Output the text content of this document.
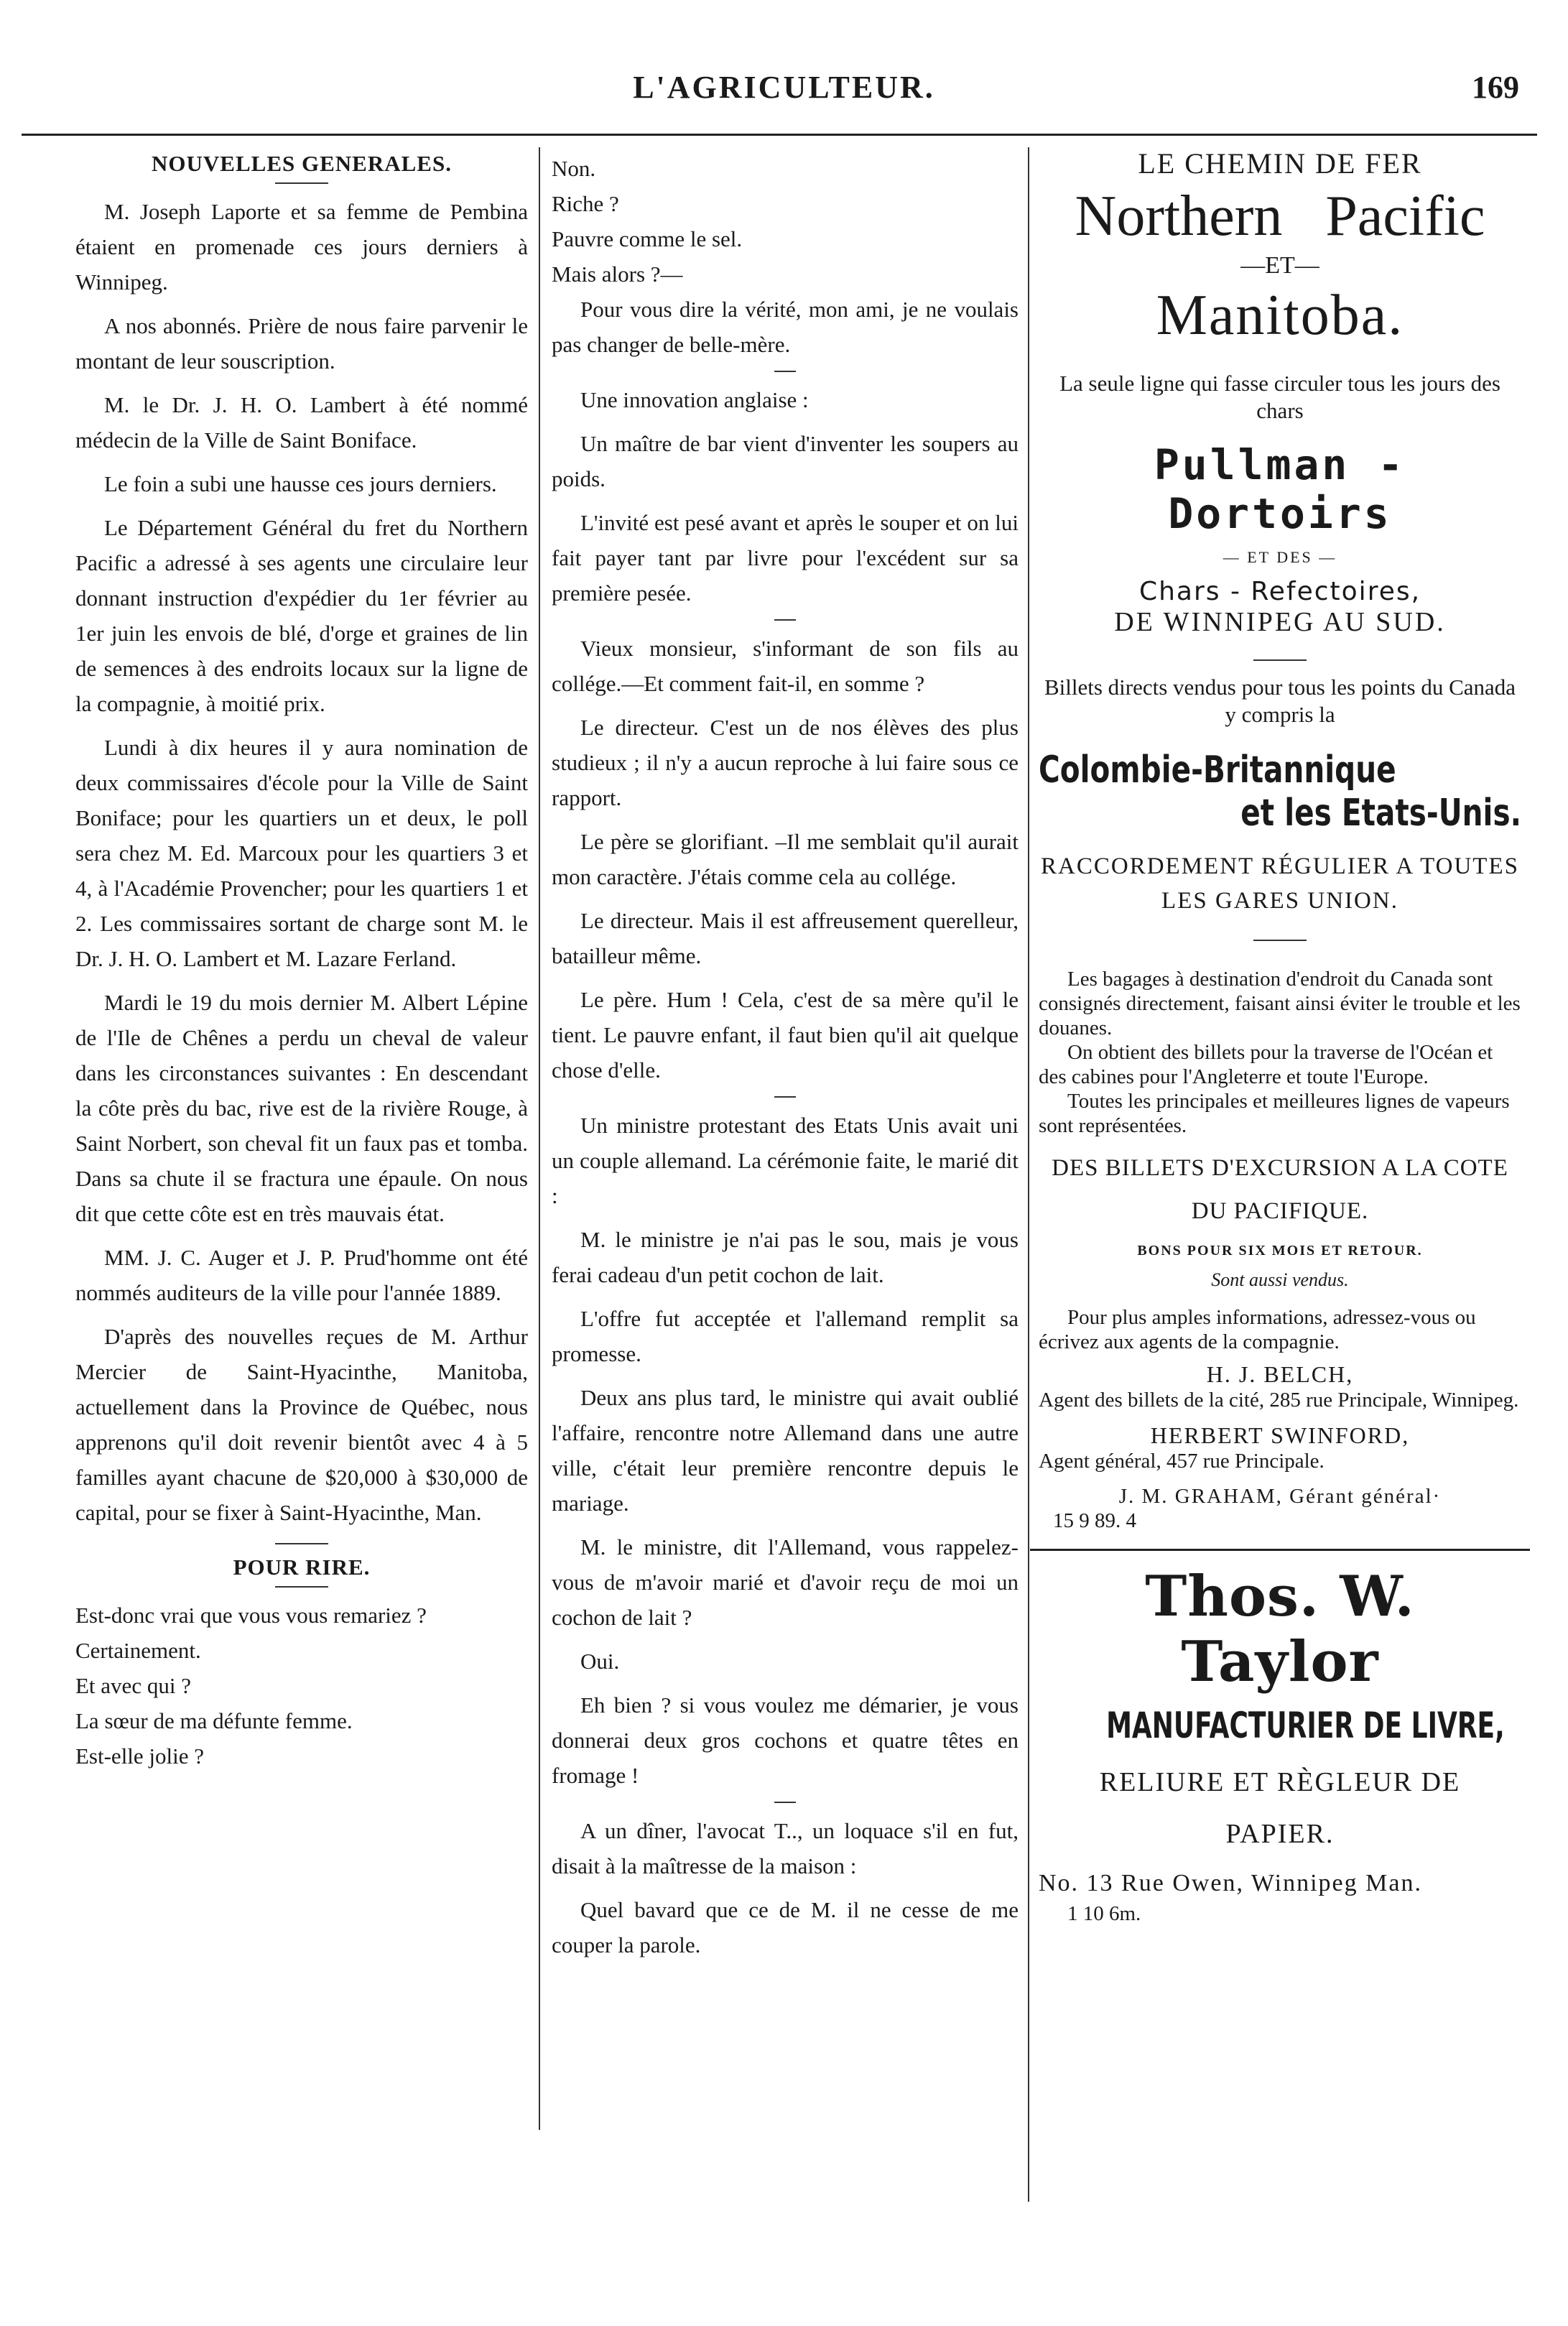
L'AGRICULTEUR.	169
NOUVELLES GENERALES.

M. Joseph Laporte et sa femme de Pembina étaient en promenade ces jours derniers à Winnipeg.

A nos abonnés. Prière de nous faire parvenir le montant de leur souscription.

M. le Dr. J. H. O. Lambert à été nommé médecin de la Ville de Saint Boniface.

Le foin a subi une hausse ces jours derniers.

Le Département Général du fret du Northern Pacific a adressé à ses agents une circulaire leur donnant instruction d'expédier du 1er février au 1er juin les envois de blé, d'orge et graines de lin de semences à des endroits locaux sur la ligne de la compagnie, à moitié prix.

Lundi à dix heures il y aura nomination de deux commissaires d'école pour la Ville de Saint Boniface; pour les quartiers un et deux, le poll sera chez M. Ed. Marcoux pour les quartiers 3 et 4, à l'Académie Provencher; pour les quartiers 1 et 2. Les commissaires sortant de charge sont M. le Dr. J. H. O. Lambert et M. Lazare Ferland.

Mardi le 19 du mois dernier M. Albert Lépine de l'Ile de Chênes a perdu un cheval de valeur dans les circonstances suivantes : En descendant la côte près du bac, rive est de la rivière Rouge, à Saint Norbert, son cheval fit un faux pas et tomba. Dans sa chute il se fractura une épaule. On nous dit que cette côte est en très mauvais état.

MM. J. C. Auger et J. P. Prud'homme ont été nommés auditeurs de la ville pour l'année 1889.

D'après des nouvelles reçues de M. Arthur Mercier de Saint-Hyacinthe, Manitoba, actuellement dans la Province de Québec, nous apprenons qu'il doit revenir bientôt avec 4 à 5 familles ayant chacune de $20,000 à $30,000 de capital, pour se fixer à Saint-Hyacinthe, Man.

POUR RIRE.

Est-donc vrai que vous vous remariez ?

Certainement.

Et avec qui ?

La sœur de ma défunte femme.

Est-elle jolie ?

Non.

Riche ?

Pauvre comme le sel.

Mais alors ?—

Pour vous dire la vérité, mon ami, je ne voulais pas changer de belle-mère.

Une innovation anglaise :

Un maître de bar vient d'inventer les soupers au poids.

L'invité est pesé avant et après le souper et on lui fait payer tant par livre pour l'excédent sur sa première pesée.

Vieux monsieur, s'informant de son fils au collége.—Et comment fait-il, en somme ?

Le directeur. C'est un de nos élèves des plus studieux ; il n'y a aucun reproche à lui faire sous ce rapport.

Le père se glorifiant. –Il me semblait qu'il aurait mon caractère. J'étais comme cela au collége.

Le directeur. Mais il est affreusement querelleur, batailleur même.

Le père. Hum ! Cela, c'est de sa mère qu'il le tient. Le pauvre enfant, il faut bien qu'il ait quelque chose d'elle.

Un ministre protestant des Etats Unis avait uni un couple allemand. La cérémonie faite, le marié dit :

M. le ministre je n'ai pas le sou, mais je vous ferai cadeau d'un petit cochon de lait.

L'offre fut acceptée et l'allemand remplit sa promesse.

Deux ans plus tard, le ministre qui avait oublié l'affaire, rencontre notre Allemand dans une autre ville, c'était leur première rencontre depuis le mariage.

M. le ministre, dit l'Allemand, vous rappelez-vous de m'avoir marié et d'avoir reçu de moi un cochon de lait ?

Oui.

Eh bien ? si vous voulez me démarier, je vous donnerai deux gros cochons et quatre têtes en fromage !

A un dîner, l'avocat T.., un loquace s'il en fut, disait à la maîtresse de la maison :

Quel bavard que ce de M. il ne cesse de me couper la parole.

LE CHEMIN DE FER
Northern Pacific
—ET—
Manitoba.
La seule ligne qui fasse circuler tous les jours des chars
Pullman - Dortoirs
— ET DES —
Chars - Refectoires,
DE WINNIPEG AU SUD.
Billets directs vendus pour tous les points du Canada y compris la
Colombie-Britannique
et les Etats-Unis.
RACCORDEMENT RÉGULIER A TOUTES LES GARES UNION.
Les bagages à destination d'endroit du Canada sont consignés directement, faisant ainsi éviter le trouble et les douanes.
On obtient des billets pour la traverse de l'Océan et des cabines pour l'Angleterre et toute l'Europe.
Toutes les principales et meilleures lignes de vapeurs sont représentées.
DES BILLETS D'EXCURSION A LA COTE DU PACIFIQUE.
BONS POUR SIX MOIS ET RETOUR.
Sont aussi vendus.
Pour plus amples informations, adressez-vous ou écrivez aux agents de la compagnie.
H. J. BELCH,
Agent des billets de la cité, 285 rue Principale, Winnipeg.
HERBERT SWINFORD,
Agent général, 457 rue Principale.
J. M. GRAHAM, Gérant général·
15 9 89. 4
Thos. W. Taylor
MANUFACTURIER DE LIVRE,
RELIURE ET RÈGLEUR DE
PAPIER.
No. 13 Rue Owen, Winnipeg Man.
1 10 6m.
